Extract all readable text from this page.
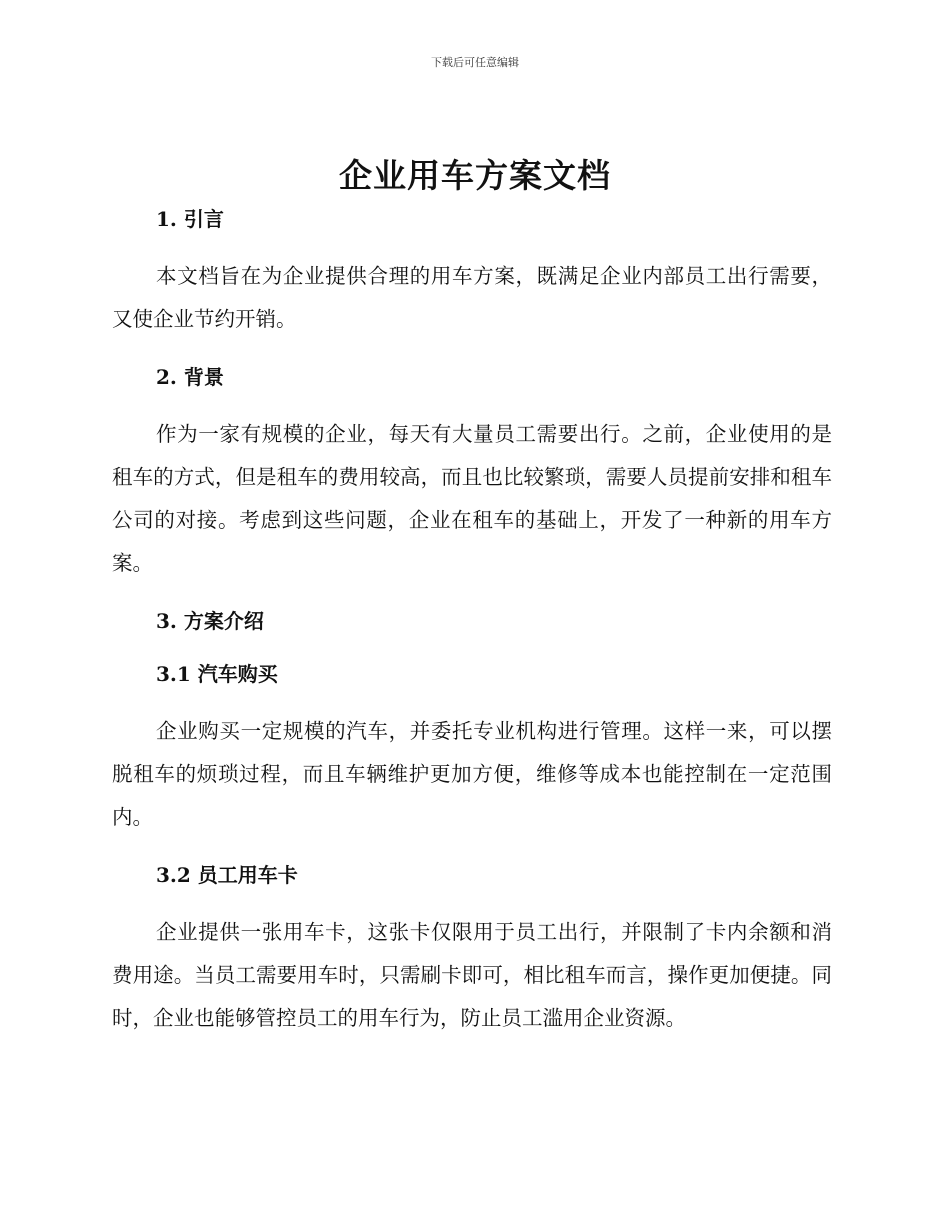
下载后可任意编辑
企业用车方案文档
1. 引言

本文档旨在为企业提供合理的用车方案，既满足企业内部员工出行需要，又使企业节约开销。

2. 背景

作为一家有规模的企业，每天有大量员工需要出行。之前，企业使用的是租车的方式，但是租车的费用较高，而且也比较繁琐，需要人员提前安排和租车公司的对接。考虑到这些问题，企业在租车的基础上，开发了一种新的用车方案。

3. 方案介绍
3.1 汽车购买

企业购买一定规模的汽车，并委托专业机构进行管理。这样一来，可以摆脱租车的烦琐过程，而且车辆维护更加方便，维修等成本也能控制在一定范围内。

3.2 员工用车卡

企业提供一张用车卡，这张卡仅限用于员工出行，并限制了卡内余额和消费用途。当员工需要用车时，只需刷卡即可，相比租车而言，操作更加便捷。同时，企业也能够管控员工的用车行为，防止员工滥用企业资源。
